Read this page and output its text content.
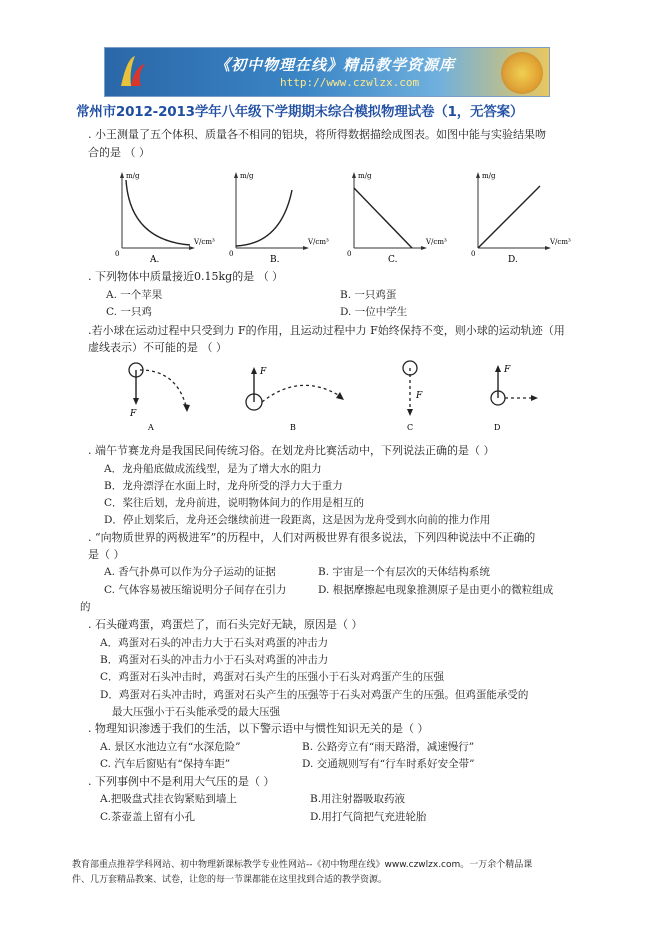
《初中物理在线》精品教学资源库
http://www.czwlzx.com
常州市2012-2013学年八年级下学期期末综合模拟物理试卷（1，无答案）
. 小王测量了五个体积、质量各不相同的铝块，将所得数据描绘成图表。如图中能与实验结果吻
合的是 （ ）
m/g
V/cm³
0
A.
m/g
V/cm³
0
B.
m/g
V/cm³
0
C.
m/g
V/cm³
0
D.
. 下列物体中质量接近0.15kg的是 （ ）
A. 一个苹果	B. 一只鸡蛋
C. 一只鸡	D. 一位中学生
.若小球在运动过程中只受到力 F的作用，且运动过程中力 F始终保持不变，则小球的运动轨迹（用
虚线表示）不可能的是 （ ）
F
A
F
B
F
C
F
D
. 端午节赛龙舟是我国民间传统习俗。在划龙舟比赛活动中，下列说法正确的是（ ）
A．龙舟船底做成流线型，是为了增大水的阻力
B．龙舟漂浮在水面上时，龙舟所受的浮力大于重力
C．桨往后划，龙舟前进，说明物体间力的作用是相互的
D．停止划桨后，龙舟还会继续前进一段距离，这是因为龙舟受到水向前的推力作用
. “向物质世界的两极进军”的历程中，人们对两极世界有很多说法，下列四种说法中不正确的
是（ ）
A. 香气扑鼻可以作为分子运动的证据	B. 宇宙是一个有层次的天体结构系统
C. 气体容易被压缩说明分子间存在引力	D. 根据摩擦起电现象推测原子是由更小的微粒组成
的
. 石头碰鸡蛋，鸡蛋烂了，而石头完好无缺，原因是（ ）
A．鸡蛋对石头的冲击力大于石头对鸡蛋的冲击力
B．鸡蛋对石头的冲击力小于石头对鸡蛋的冲击力
C．鸡蛋对石头冲击时，鸡蛋对石头产生的压强小于石头对鸡蛋产生的压强
D．鸡蛋对石头冲击时，鸡蛋对石头产生的压强等于石头对鸡蛋产生的压强。但鸡蛋能承受的
最大压强小于石头能承受的最大压强
. 物理知识渗透于我们的生活，以下警示语中与惯性知识无关的是（ ）
A. 景区水池边立有“水深危险”	B. 公路旁立有“雨天路滑，减速慢行”
C. 汽车后窗贴有“保持车距”	D. 交通规则写有“行车时系好安全带”
. 下列事例中不是利用大气压的是（ ）
A.把吸盘式挂衣钩紧贴到墙上	B.用注射器吸取药液
C.茶壶盖上留有小孔	D.用打气筒把气充进轮胎
教育部重点推荐学科网站、初中物理新课标教学专业性网站--《初中物理在线》www.czwlzx.com。一万余个精品课
件、几万套精品教案、试卷，让您的每一节课都能在这里找到合适的教学资源。
